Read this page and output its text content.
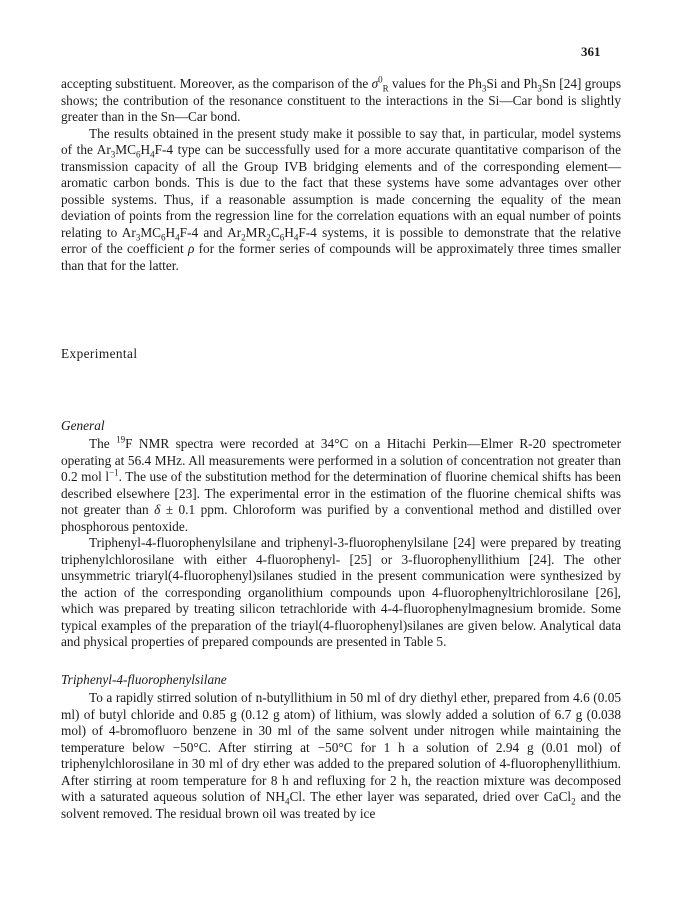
361

accepting substituent. Moreover, as the comparison of the $\sigma^0_R$ values for the $Ph_3Si$ and $Ph_3Sn$ [24] groups shows; the contribution of the resonance constituent to the interactions in the Si—Car bond is slightly greater than in the Sn—Car bond.

The results obtained in the present study make it possible to say that, in particular, model systems of the $Ar_3MC_6H_4F-4$ type can be successfully used for a more accurate quantitative comparison of the transmission capacity of all the Group IVB bridging elements and of the corresponding element—aromatic carbon bonds. This is due to the fact that these systems have some advantages over other possible systems. Thus, if a reasonable assumption is made concerning the equality of the mean deviation of points from the regression line for the correlation equations with an equal number of points relating to $Ar_3MC_6H_4F-4$ and $Ar_2MR_2C_6H_4F-4$ systems, it is possible to demonstrate that the relative error of the coefficient ρ for the former series of compounds will be approximately three times smaller than that for the latter.

Experimental
General

The $^{19}$F NMR spectra were recorded at 34°C on a Hitachi Perkin—Elmer R-20 spectrometer operating at 56.4 MHz. All measurements were performed in a solution of concentration not greater than 0.2 mol $l^{-1}$. The use of the substitution method for the determination of fluorine chemical shifts has been described elsewhere [23]. The experimental error in the estimation of the fluorine chemical shifts was not greater than δ ± 0.1 ppm. Chloroform was purified by a conventional method and distilled over phosphorous pentoxide.

Triphenyl-4-fluorophenylsilane and triphenyl-3-fluorophenylsilane [24] were prepared by treating triphenylchlorosilane with either 4-fluorophenyl- [25] or 3-fluorophenyllithium [24]. The other unsymmetric triaryl(4-fluorophenyl)silanes studied in the present communication were synthesized by the action of the corresponding organolithium compounds upon 4-fluorophenyltrichlorosilane [26], which was prepared by treating silicon tetrachloride with 4-4-fluorophenylmagnesium bromide. Some typical examples of the preparation of the triayl(4-fluorophenyl)silanes are given below. Analytical data and physical properties of prepared compounds are presented in Table 5.

Triphenyl-4-fluorophenylsilane

To a rapidly stirred solution of n-butyllithium in 50 ml of dry diethyl ether, prepared from 4.6 (0.05 ml) of butyl chloride and 0.85 g (0.12 g atom) of lithium, was slowly added a solution of 6.7 g (0.038 mol) of 4-bromofluoro benzene in 30 ml of the same solvent under nitrogen while maintaining the temperature below −50°C. After stirring at −50°C for 1 h a solution of 2.94 g (0.01 mol) of triphenylchlorosilane in 30 ml of dry ether was added to the prepared solution of 4-fluorophenyllithium. After stirring at room temperature for 8 h and refluxing for 2 h, the reaction mixture was decomposed with a saturated aqueous solution of $NH_4Cl$. The ether layer was separated, dried over CaCl$_2$ and the solvent removed. The residual brown oil was treated by ice
